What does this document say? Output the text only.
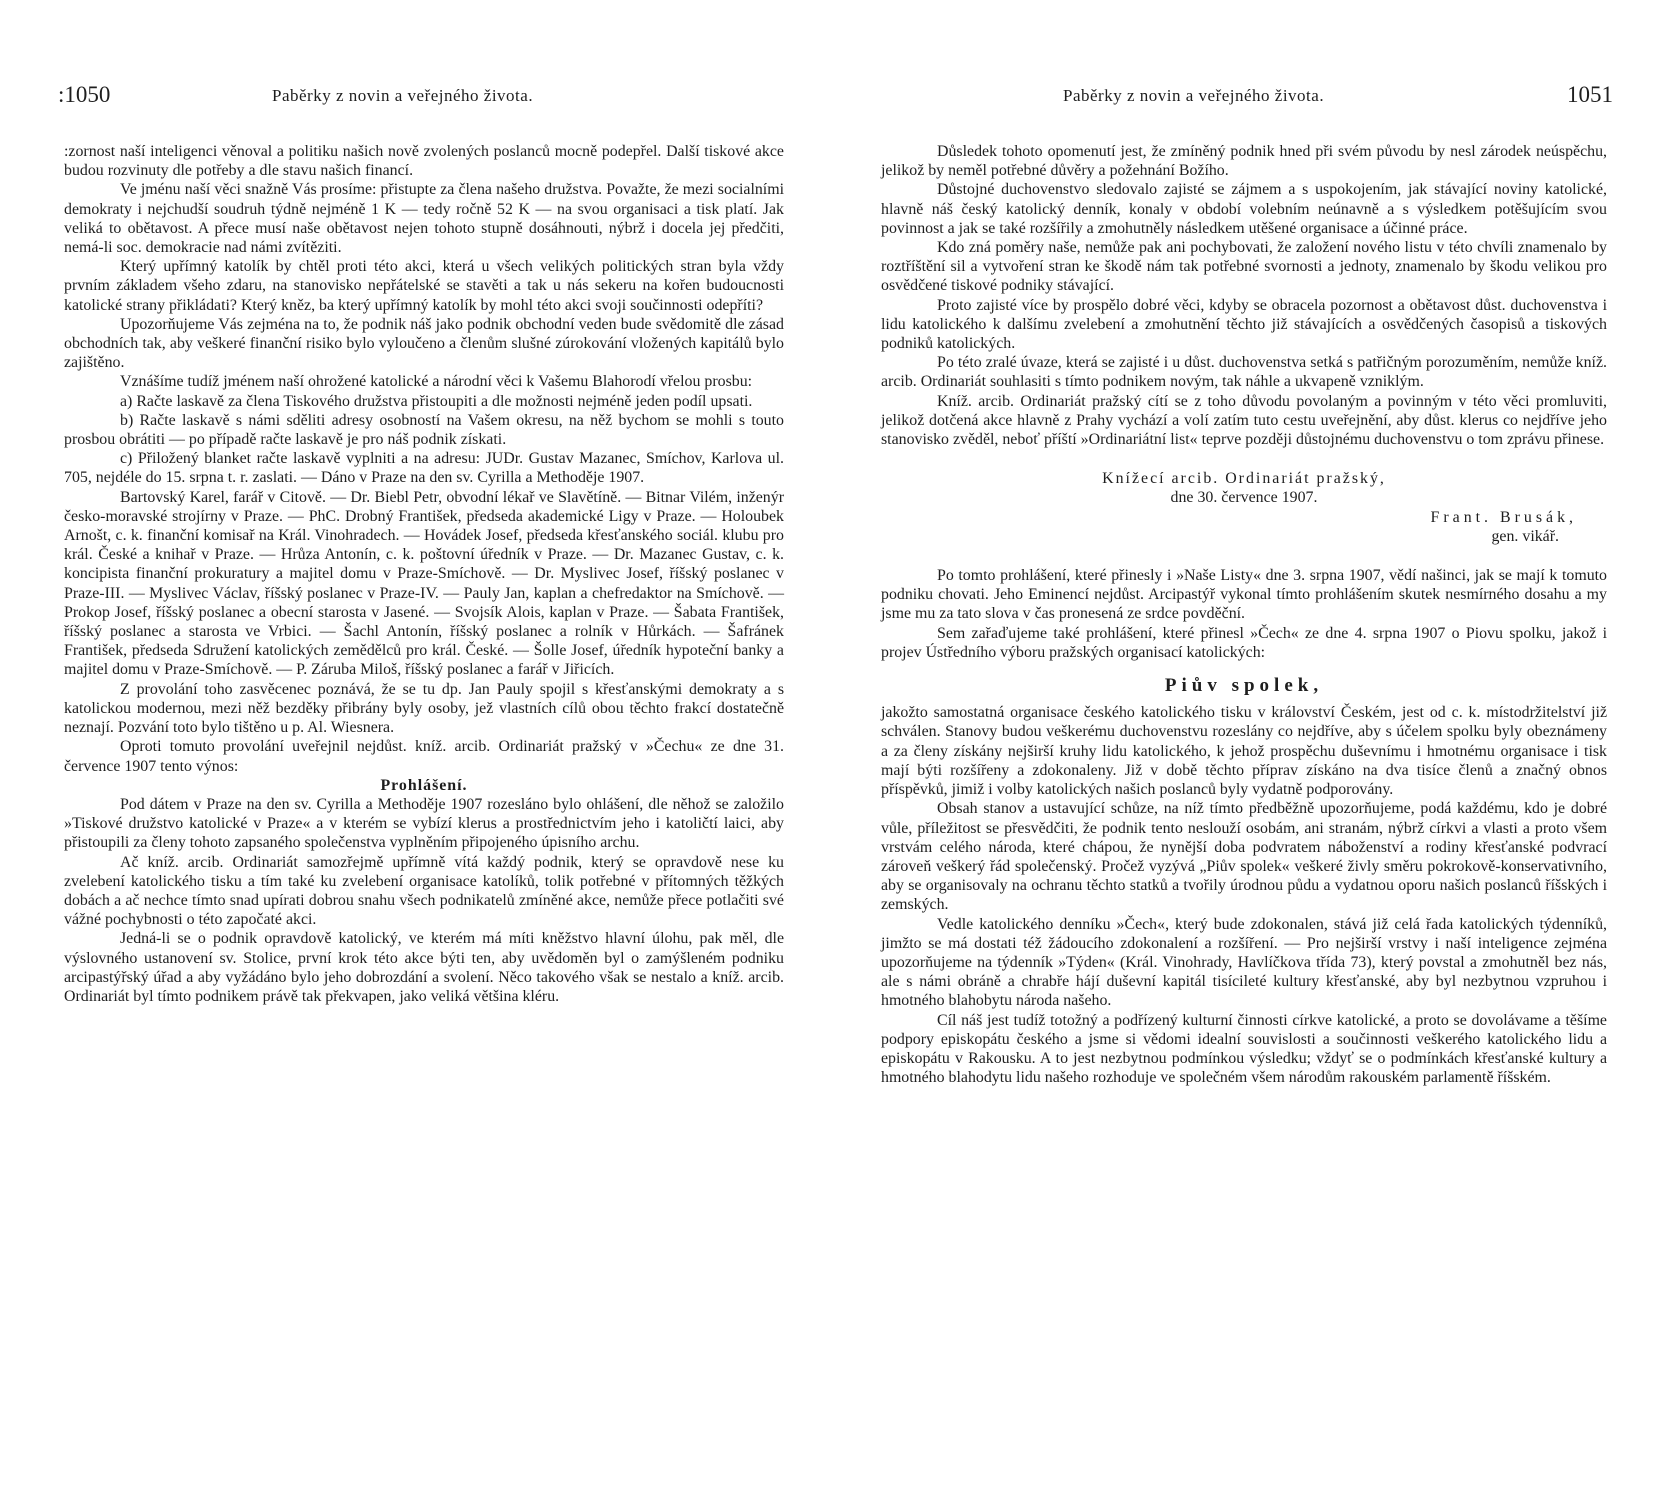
:1050	Paběrky z novin a veřejného života.

:zornost naší inteligenci věnoval a politiku našich nově zvolených poslanců mocně podepřel. Další tiskové akce budou rozvinuty dle potřeby a dle stavu našich financí.

Ve jménu naší věci snažně Vás prosíme: přistupte za člena našeho družstva. Považte, že mezi socialními demokraty i nejchudší soudruh týdně nejméně 1 K — tedy ročně 52 K — na svou organisaci a tisk platí. Jak veliká to obětavost. A přece musí naše obětavost nejen tohoto stupně dosáhnouti, nýbrž i docela jej předčiti, nemá-li soc. demokracie nad námi zvítěziti.

Který upřímný katolík by chtěl proti této akci, která u všech velikých politických stran byla vždy prvním základem všeho zdaru, na stanovisko nepřátelské se stavěti a tak u nás sekeru na kořen budoucnosti katolické strany přikládati? Který kněz, ba který upřímný katolík by mohl této akci svoji součinnosti odepříti?

Upozorňujeme Vás zejména na to, že podnik náš jako podnik obchodní veden bude svědomitě dle zásad obchodních tak, aby veškeré finanční risiko bylo vyloučeno a členům slušné zúrokování vložených kapitálů bylo zajištěno.

Vznášíme tudíž jménem naší ohrožené katolické a národní věci k Vašemu Blahorodí vřelou prosbu:

a) Račte laskavě za člena Tiskového družstva přistoupiti a dle možnosti nejméně jeden podíl upsati.

b) Račte laskavě s námi sděliti adresy osobností na Vašem okresu, na něž bychom se mohli s touto prosbou obrátiti — po případě račte laskavě je pro náš podnik získati.

c) Přiložený blanket račte laskavě vyplniti a na adresu: JUDr. Gustav Mazanec, Smíchov, Karlova ul. 705, nejdéle do 15. srpna t. r. zaslati. — Dáno v Praze na den sv. Cyrilla a Methoděje 1907.

Bartovský Karel, farář v Citově. — Dr. Biebl Petr, obvodní lékař ve Slavětíně. — Bitnar Vilém, inženýr česko-moravské strojírny v Praze. — PhC. Drobný František, předseda akademické Ligy v Praze. — Holoubek Arnošt, c. k. finanční komisař na Král. Vinohradech. — Hovádek Josef, předseda křesťanského sociál. klubu pro král. České a knihař v Praze. — Hrůza Antonín, c. k. poštovní úředník v Praze. — Dr. Mazanec Gustav, c. k. koncipista finanční prokuratury a majitel domu v Praze-Smíchově. — Dr. Myslivec Josef, říšský poslanec v Praze-III. — Myslivec Václav, říšský poslanec v Praze-IV. — Pauly Jan, kaplan a chefredaktor na Smíchově. — Prokop Josef, říšský poslanec a obecní starosta v Jasené. — Svojsík Alois, kaplan v Praze. — Šabata František, říšský poslanec a starosta ve Vrbici. — Šachl Antonín, říšský poslanec a rolník v Hůrkách. — Šafránek František, předseda Sdružení katolických zemědělců pro král. České. — Šolle Josef, úředník hypoteční banky a majitel domu v Praze-Smíchově. — P. Záruba Miloš, říšský poslanec a farář v Jiřicích.

Z provolání toho zasvěcenec poznává, že se tu dp. Jan Pauly spojil s křesťanskými demokraty a s katolickou modernou, mezi něž bezděky přibrány byly osoby, jež vlastních cílů obou těchto frakcí dostatečně neznají. Pozvání toto bylo tištěno u p. Al. Wiesnera.

Oproti tomuto provolání uveřejnil nejdůst. kníž. arcib. Ordinariát pražský v »Čechu« ze dne 31. července 1907 tento výnos:

Prohlášení.

Pod dátem v Praze na den sv. Cyrilla a Methoděje 1907 rozesláno bylo ohlášení, dle něhož se založilo »Tiskové družstvo katolické v Praze« a v kterém se vybízí klerus a prostřednictvím jeho i katoličtí laici, aby přistoupili za členy tohoto zapsaného společenstva vyplněním připojeného úpisního archu.

Ač kníž. arcib. Ordinariát samozřejmě upřímně vítá každý podnik, který se opravdově nese ku zvelebení katolického tisku a tím také ku zvelebení organisace katolíků, tolik potřebné v přítomných těžkých dobách a ač nechce tímto snad upírati dobrou snahu všech podnikatelů zmíněné akce, nemůže přece potlačiti své vážné pochybnosti o této započaté akci.

Jedná-li se o podnik opravdově katolický, ve kterém má míti kněžstvo hlavní úlohu, pak měl, dle výslovného ustanovení sv. Stolice, první krok této akce býti ten, aby uvědoměn byl o zamýšleném podniku arcipastýřský úřad a aby vyžádáno bylo jeho dobrozdání a svolení. Něco takového však se nestalo a kníž. arcib. Ordinariát byl tímto podnikem právě tak překvapen, jako veliká většina kléru.

Paběrky z novin a veřejného života.	1051

Důsledek tohoto opomenutí jest, že zmíněný podnik hned při svém původu by nesl zárodek neúspěchu, jelikož by neměl potřebné důvěry a požehnání Božího.

Důstojné duchovenstvo sledovalo zajisté se zájmem a s uspokojením, jak stávající noviny katolické, hlavně náš český katolický denník, konaly v období volebním neúnavně a s výsledkem potěšujícím svou povinnost a jak se také rozšířily a zmohutněly následkem utěšené organisace a účinné práce.

Kdo zná poměry naše, nemůže pak ani pochybovati, že založení nového listu v této chvíli znamenalo by roztříštění sil a vytvoření stran ke škodě nám tak potřebné svornosti a jednoty, znamenalo by škodu velikou pro osvědčené tiskové podniky stávající.

Proto zajisté více by prospělo dobré věci, kdyby se obracela pozornost a obětavost důst. duchovenstva i lidu katolického k dalšímu zvelebení a zmohutnění těchto již stávajících a osvědčených časopisů a tiskových podniků katolických.

Po této zralé úvaze, která se zajisté i u důst. duchovenstva setká s patřičným porozuměním, nemůže kníž. arcib. Ordinariát souhlasiti s tímto podnikem novým, tak náhle a ukvapeně vzniklým.

Kníž. arcib. Ordinariát pražský cítí se z toho důvodu povolaným a povinným v této věci promluviti, jelikož dotčená akce hlavně z Prahy vychází a volí zatím tuto cestu uveřejnění, aby důst. klerus co nejdříve jeho stanovisko zvěděl, neboť příští »Ordinariátní list« teprve později důstojnému duchovenstvu o tom zprávu přinese.

Knížecí arcib. Ordinariát pražský,

dne 30. července 1907.

Frant. Brusák,

gen. vikář.

Po tomto prohlášení, které přinesly i »Naše Listy« dne 3. srpna 1907, vědí našinci, jak se mají k tomuto podniku chovati. Jeho Eminencí nejdůst. Arcipastýř vykonal tímto prohlášením skutek nesmírného dosahu a my jsme mu za tato slova v čas pronesená ze srdce povděční.

Sem zařaďujeme také prohlášení, které přinesl »Čech« ze dne 4. srpna 1907 o Piovu spolku, jakož i projev Ústředního výboru pražských organisací katolických:

Piův spolek,

jakožto samostatná organisace českého katolického tisku v království Českém, jest od c. k. místodržitelství již schválen. Stanovy budou veškerému duchovenstvu rozeslány co nejdříve, aby s účelem spolku byly obeznámeny a za členy získány nejširší kruhy lidu katolického, k jehož prospěchu duševnímu i hmotnému organisace i tisk mají býti rozšířeny a zdokonaleny. Již v době těchto příprav získáno na dva tisíce členů a značný obnos příspěvků, jimiž i volby katolických našich poslanců byly vydatně podporovány.

Obsah stanov a ustavující schůze, na níž tímto předběžně upozorňujeme, podá každému, kdo je dobré vůle, příležitost se přesvědčiti, že podnik tento neslouží osobám, ani stranám, nýbrž církvi a vlasti a proto všem vrstvám celého národa, které chápou, že nynější doba podvratem náboženství a rodiny křesťanské podvrací zároveň veškerý řád společenský. Pročež vyzývá „Piův spolek« veškeré živly směru pokrokově-konservativního, aby se organisovaly na ochranu těchto statků a tvořily úrodnou půdu a vydatnou oporu našich poslanců říšských i zemských.

Vedle katolického denníku »Čech«, který bude zdokonalen, stává již celá řada katolických týdenníků, jimžto se má dostati též žádoucího zdokonalení a rozšíření. — Pro nejširší vrstvy i naší inteligence zejména upozorňujeme na týdenník »Týden« (Král. Vinohrady, Havlíčkova třída 73), který povstal a zmohutněl bez nás, ale s námi obráně a chrabře hájí duševní kapitál tisícileté kultury křesťanské, aby byl nezbytnou vzpruhou i hmotného blahobytu národa našeho.

Cíl náš jest tudíž totožný a podřízený kulturní činnosti církve katolické, a proto se dovolávame a těšíme podpory episkopátu českého a jsme si vědomi idealní souvislosti a součinnosti veškerého katolického lidu a episkopátu v Rakousku. A to jest nezbytnou podmínkou výsledku; vždyť se o podmínkách křesťanské kultury a hmotného blahodytu lidu našeho rozhoduje ve společném všem národům rakouském parlamentě říšském.
